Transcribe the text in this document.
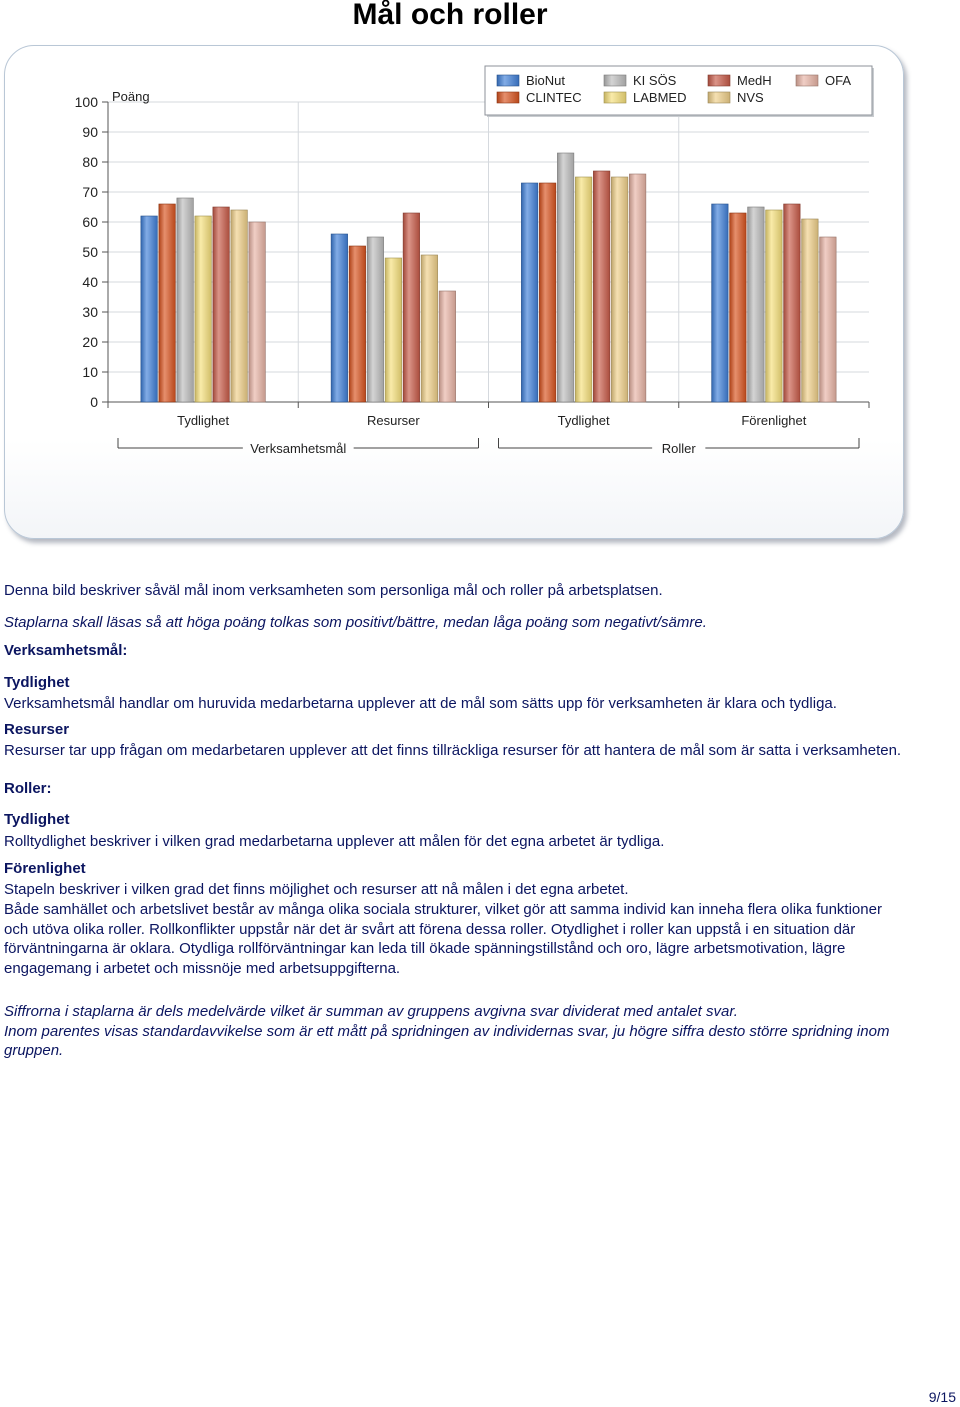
Mål och roller
0
10
20
30
40
50
60
70
80
90
100 Poäng
Tydlighet	Resurser	Tydlighet	Förenlighet
Verksamhetsmål	Roller
BioNut	KI SÖS	MedH	OFA
CLINTEC	LABMED	NVS

Denna bild beskriver såväl mål inom verksamheten som personliga mål och roller på arbetsplatsen.

Staplarna skall läsas så att höga poäng tolkas som positivt/bättre, medan låga poäng som negativt/sämre.

Verksamhetsmål:

Tydlighet

Verksamhetsmål handlar om huruvida medarbetarna upplever att de mål som sätts upp för verksamheten är klara och tydliga.

Resurser

Resurser tar upp frågan om medarbetaren upplever att det finns tillräckliga resurser för att hantera de mål som är satta i verksamheten.

Roller:

Tydlighet

Rolltydlighet beskriver i vilken grad medarbetarna upplever att målen för det egna arbetet är tydliga.

Förenlighet

Stapeln beskriver i vilken grad det finns möjlighet och resurser att nå målen i det egna arbetet.

Både samhället och arbetslivet består av många olika sociala strukturer, vilket gör att samma individ kan inneha flera olika funktioner och utöva olika roller. Rollkonflikter uppstår när det är svårt att förena dessa roller. Otydlighet i roller kan uppstå i en situation där förväntningarna är oklara. Otydliga rollförväntningar kan leda till ökade spänningstillstånd och oro, lägre arbetsmotivation, lägre engagemang i arbetet och missnöje med arbetsuppgifterna.

Siffrorna i staplarna är dels medelvärde vilket är summan av gruppens avgivna svar dividerat med antalet svar.

Inom parentes visas standardavvikelse som är ett mått på spridningen av individernas svar, ju högre siffra desto större spridning inom gruppen.

9/15
